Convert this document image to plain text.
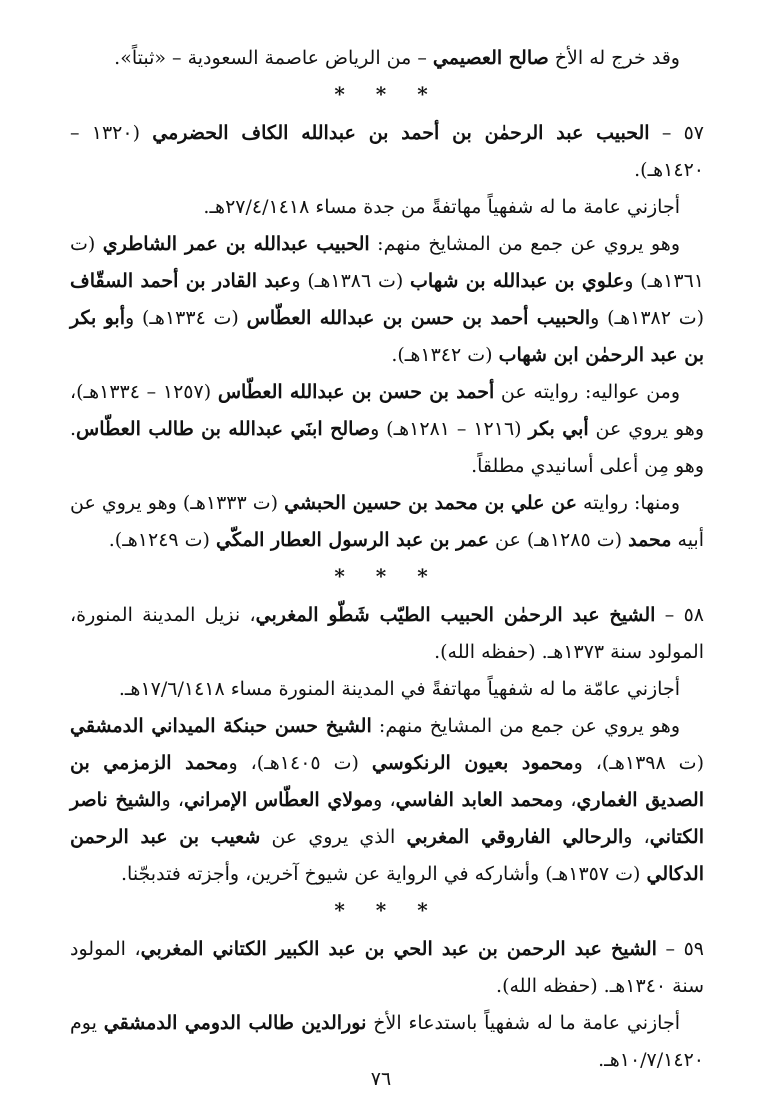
وقد خرج له الأخ صالح العصيمي – من الرياض عاصمة السعودية – «ثبتاً».

* * *

٥٧ – الحبيب عبد الرحمٰن بن أحمد بن عبدالله الكاف الحضرمي (١٣٢٠ – ١٤٢٠هـ).

أجازني عامة ما له شفهياً مهاتفةً من جدة مساء ٢٧/٤/١٤١٨هـ.

وهو يروي عن جمع من المشايخ منهم: الحبيب عبدالله بن عمر الشاطري (ت ١٣٦١هـ) وعلوي بن عبدالله بن شهاب (ت ١٣٨٦هـ) وعبد القادر بن أحمد السقّاف (ت ١٣٨٢هـ) والحبيب أحمد بن حسن بن عبدالله العطّاس (ت ١٣٣٤هـ) وأبو بكر بن عبد الرحمٰن ابن شهاب (ت ١٣٤٢هـ).

ومن عواليه: روايته عن أحمد بن حسن بن عبدالله العطّاس (١٢٥٧ – ١٣٣٤هـ)، وهو يروي عن أبي بكر (١٢١٦ – ١٢٨١هـ) وصالح ابنَي عبدالله بن طالب العطّاس. وهو مِن أعلى أسانيدي مطلقاً.

ومنها: روايته عن علي بن محمد بن حسين الحبشي (ت ١٣٣٣هـ) وهو يروي عن أبيه محمد (ت ١٢٨٥هـ) عن عمر بن عبد الرسول العطار المكّي (ت ١٢٤٩هـ).

* * *

٥٨ – الشيخ عبد الرحمٰن الحبيب الطيّب شَطّو المغربي، نزيل المدينة المنورة، المولود سنة ١٣٧٣هـ. (حفظه الله).

أجازني عامّة ما له شفهياً مهاتفةً في المدينة المنورة مساء ١٧/٦/١٤١٨هـ.

وهو يروي عن جمع من المشايخ منهم: الشيخ حسن حبنكة الميداني الدمشقي (ت ١٣٩٨هـ)، ومحمود بعيون الرنكوسي (ت ١٤٠٥هـ)، ومحمد الزمزمي بن الصديق الغماري، ومحمد العابد الفاسي، ومولاي العطّاس الإمراني، والشيخ ناصر الكتاني، والرحالي الفاروقي المغربي الذي يروي عن شعيب بن عبد الرحمن الدكالي (ت ١٣٥٧هـ) وأشاركه في الرواية عن شيوخ آخرين، وأجزته فتدبجّنا.

* * *

٥٩ – الشيخ عبد الرحمن بن عبد الحي بن عبد الكبير الكتاني المغربي، المولود سنة ١٣٤٠هـ. (حفظه الله).

أجازني عامة ما له شفهياً باستدعاء الأخ نورالدين طالب الدومي الدمشقي يوم ١٠/٧/١٤٢٠هـ.

٧٦
